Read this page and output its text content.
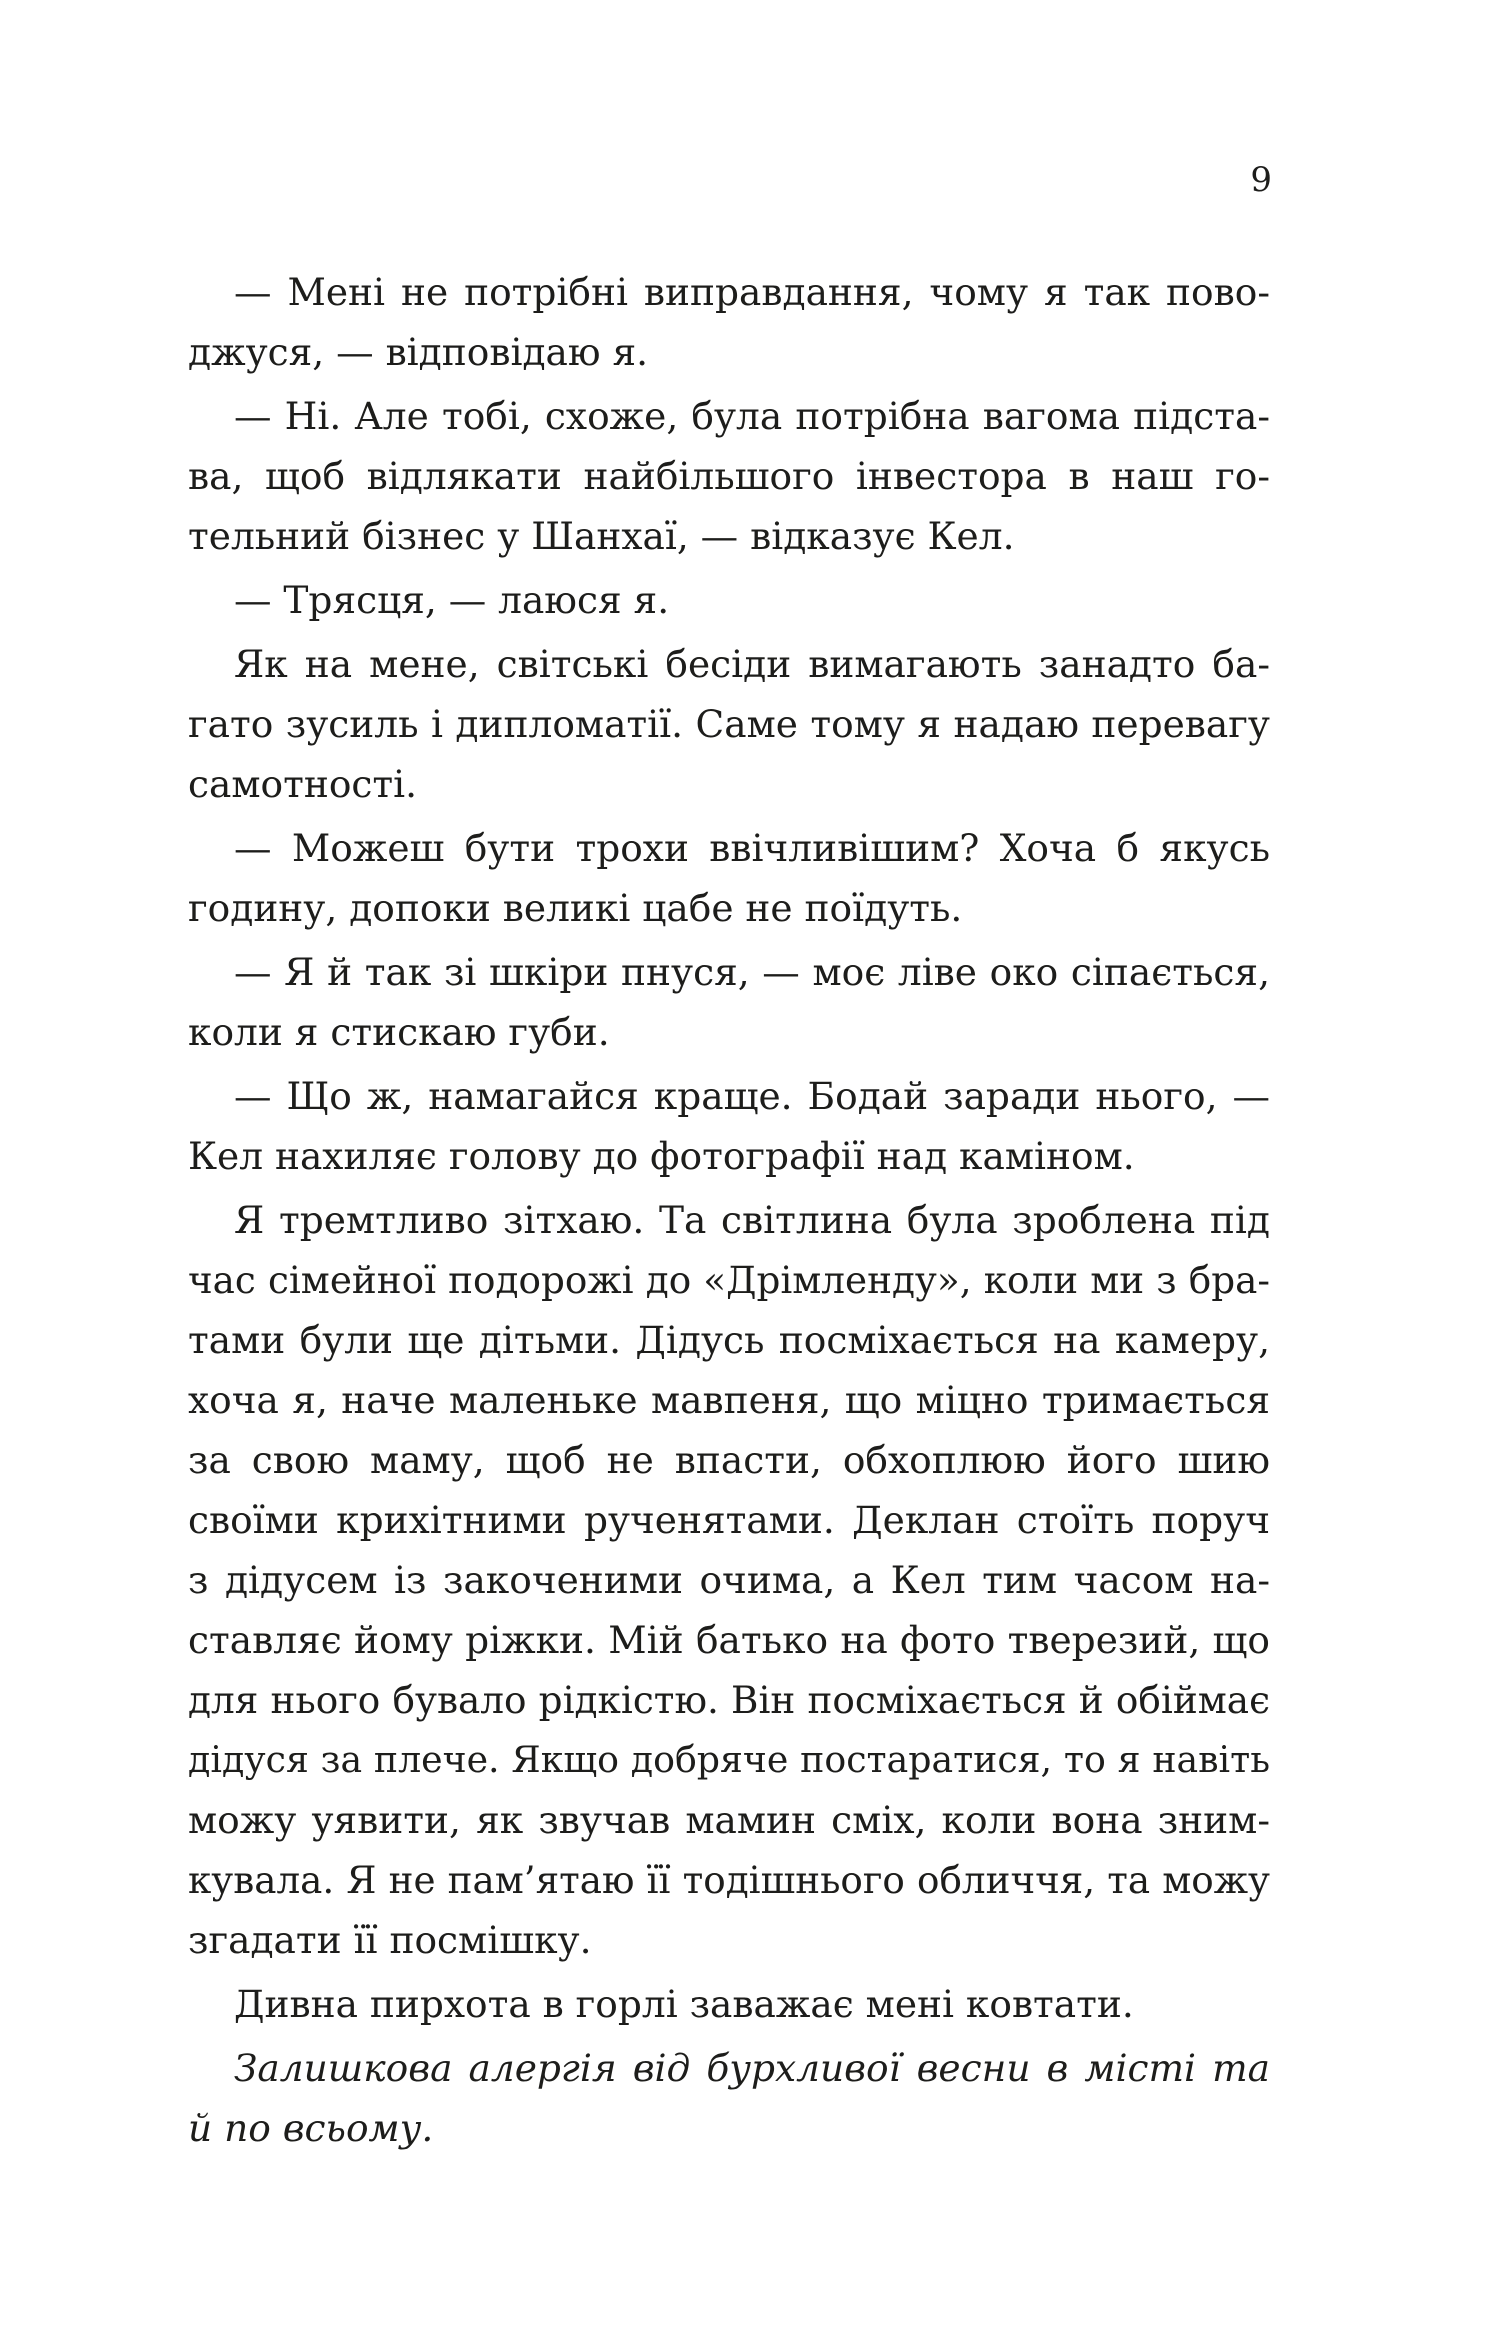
9
— Мені не потрібні виправдання, чому я так пово-
джуся, — відповідаю я.
— Ні. Але тобі, схоже, була потрібна вагома підста-
ва, щоб відлякати найбільшого інвестора в наш го-
тельний бізнес у Шанхаї, — відказує Кел.
— Трясця, — лаюся я.
Як на мене, світські бесіди вимагають занадто ба-
гато зусиль і дипломатії. Саме тому я надаю перевагу
самотності.
— Можеш бути трохи ввічливішим? Хоча б якусь
годину, допоки великі цабе не поїдуть.
— Я й так зі шкіри пнуся, — моє ліве око сіпається,
коли я стискаю губи.
— Що ж, намагайся краще. Бодай заради нього, —
Кел нахиляє голову до фотографії над каміном.
Я тремтливо зітхаю. Та світлина була зроблена під
час сімейної подорожі до «Дрімленду», коли ми з бра-
тами були ще дітьми. Дідусь посміхається на камеру,
хоча я, наче маленьке мавпеня, що міцно тримається
за свою маму, щоб не впасти, обхоплюю його шию
своїми крихітними рученятами. Деклан стоїть поруч
з дідусем із закоченими очима, а Кел тим часом на-
ставляє йому ріжки. Мій батько на фото тверезий, що
для нього бувало рідкістю. Він посміхається й обіймає
дідуся за плече. Якщо добряче постаратися, то я навіть
можу уявити, як звучав мамин сміх, коли вона зним-
кувала. Я не пам’ятаю її тодішнього обличчя, та можу
згадати її посмішку.
Дивна пирхота в горлі заважає мені ковтати.
Залишкова алергія від бурхливої весни в місті та
й по всьому.
